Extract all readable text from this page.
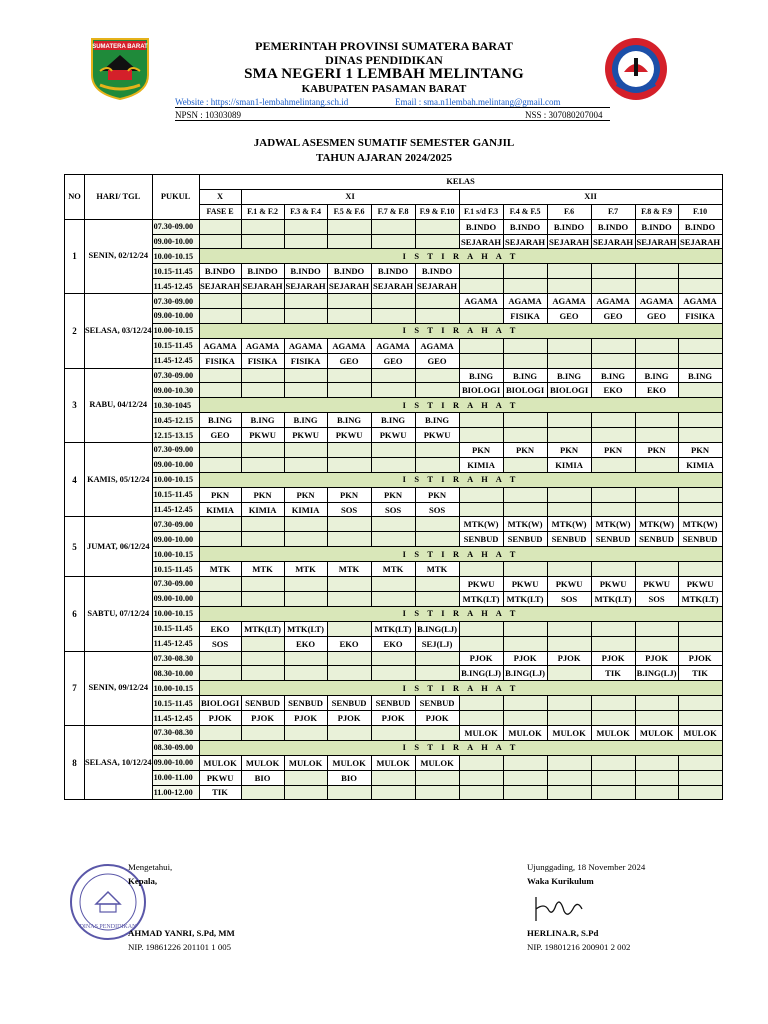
SUMATERA BARAT	PEMERINTAH PROVINSI SUMATERA BARAT
DINAS PENDIDIKAN
SMA NEGERI 1 LEMBAH MELINTANG
KABUPATEN PASAMAN BARAT
Website : https://sman1-lembahmelintang.sch.id	Email : sma.n1lembah.melintang@gmail.com
NPSN : 10303089	NSS : 307080207004
JADWAL ASESMEN SUMATIF SEMESTER GANJIL
TAHUN AJARAN 2024/2025
NO	HARI/ TGL	PUKUL	KELAS											
			X	XI					XII					
			FASE E	F.1 & F.2	F.3 & F.4	F.5 & F.6	F.7 & F.8	F.9 & F.10	F.1 s/d F.3	F.4 & F.5	F.6	F.7	F.8 & F.9	F.10
1	SENIN, 02/12/24	07.30-09.00							B.INDO	B.INDO	B.INDO	B.INDO	B.INDO	B.INDO
		09.00-10.00							SEJARAH	SEJARAH	SEJARAH	SEJARAH	SEJARAH	SEJARAH
		10.00-10.15	I S T I R A H A T											
		10.15-11.45	B.INDO	B.INDO	B.INDO	B.INDO	B.INDO	B.INDO						
		11.45-12.45	SEJARAH	SEJARAH	SEJARAH	SEJARAH	SEJARAH	SEJARAH						
2	SELASA, 03/12/24	07.30-09.00							AGAMA	AGAMA	AGAMA	AGAMA	AGAMA	AGAMA
		09.00-10.00								FISIKA	GEO	GEO	GEO	FISIKA
		10.00-10.15	I S T I R A H A T											
		10.15-11.45	AGAMA	AGAMA	AGAMA	AGAMA	AGAMA	AGAMA						
		11.45-12.45	FISIKA	FISIKA	FISIKA	GEO	GEO	GEO						
3	RABU, 04/12/24	07.30-09.00							B.ING	B.ING	B.ING	B.ING	B.ING	B.ING
		09.00-10.30							BIOLOGI	BIOLOGI	BIOLOGI	EKO	EKO	
		10.30-1045	I S T I R A H A T											
		10.45-12.15	B.ING	B.ING	B.ING	B.ING	B.ING	B.ING						
		12.15-13.15	GEO	PKWU	PKWU	PKWU	PKWU	PKWU						
4	KAMIS, 05/12/24	07.30-09.00							PKN	PKN	PKN	PKN	PKN	PKN
		09.00-10.00							KIMIA		KIMIA			KIMIA
		10.00-10.15	I S T I R A H A T											
		10.15-11.45	PKN	PKN	PKN	PKN	PKN	PKN						
		11.45-12.45	KIMIA	KIMIA	KIMIA	SOS	SOS	SOS						
5	JUMAT, 06/12/24	07.30-09.00							MTK(W)	MTK(W)	MTK(W)	MTK(W)	MTK(W)	MTK(W)
		09.00-10.00							SENBUD	SENBUD	SENBUD	SENBUD	SENBUD	SENBUD
		10.00-10.15	I S T I R A H A T											
		10.15-11.45	MTK	MTK	MTK	MTK	MTK	MTK						
6	SABTU, 07/12/24	07.30-09.00							PKWU	PKWU	PKWU	PKWU	PKWU	PKWU
		09.00-10.00							MTK(LT)	MTK(LT)	SOS	MTK(LT)	SOS	MTK(LT)
		10.00-10.15	I S T I R A H A T											
		10.15-11.45	EKO	MTK(LT)	MTK(LT)		MTK(LT)	B.ING(LJ)						
		11.45-12.45	SOS		EKO	EKO	EKO	SEJ(LJ)						
7	SENIN, 09/12/24	07.30-08.30							PJOK	PJOK	PJOK	PJOK	PJOK	PJOK
		08.30-10.00							B.ING(LJ)	B.ING(LJ)		TIK	B.ING(LJ)	TIK
		10.00-10.15	I S T I R A H A T											
		10.15-11.45	BIOLOGI	SENBUD	SENBUD	SENBUD	SENBUD	SENBUD						
		11.45-12.45	PJOK	PJOK	PJOK	PJOK	PJOK	PJOK						
8	SELASA, 10/12/24	07.30-08.30							MULOK	MULOK	MULOK	MULOK	MULOK	MULOK
		08.30-09.00	I S T I R A H A T											
		09.00-10.00	MULOK	MULOK	MULOK	MULOK	MULOK	MULOK						
		10.00-11.00	PKWU	BIO		BIO								
		11.00-12.00	TIK											
DINAS PENDIDIKAN
Mengetahui,
Kepala,
AHMAD YANRI, S.Pd, MM
NIP. 19861226 201101 1 005
Ujunggading, 18 November 2024
Waka Kurikulum
HERLINA.R, S.Pd
NIP. 19801216 200901 2 002
